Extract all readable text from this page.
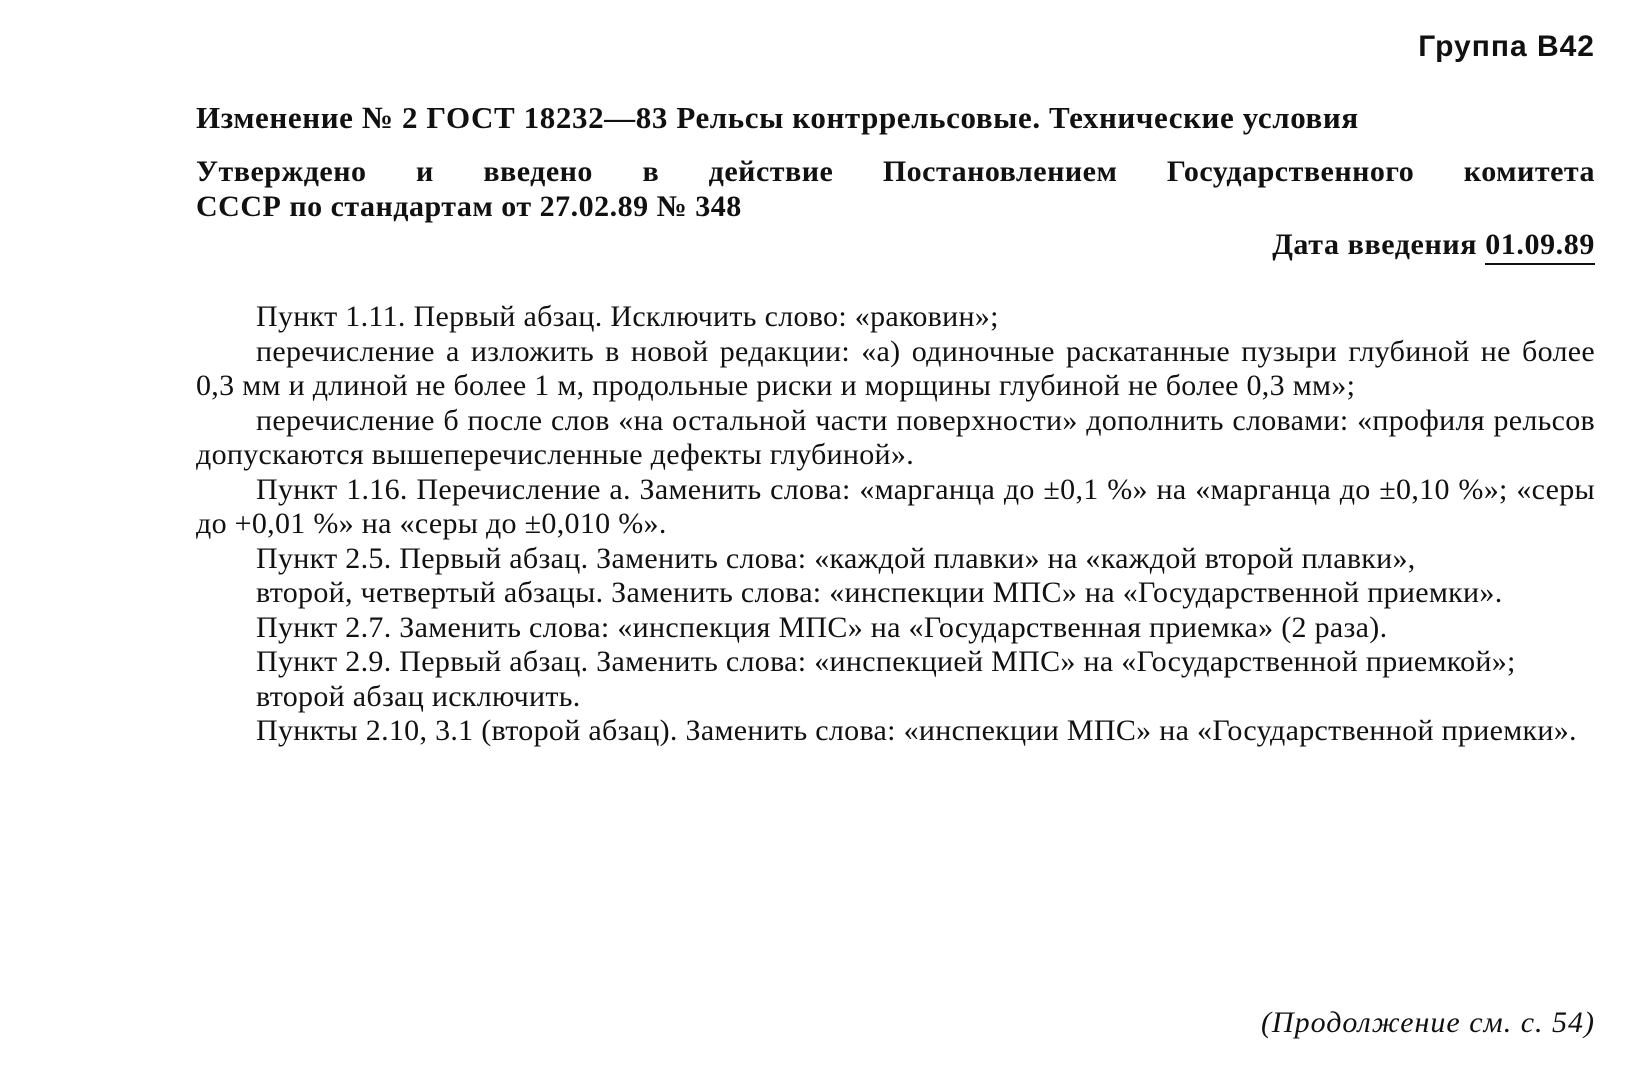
Группа В42
Изменение № 2 ГОСТ 18232—83 Рельсы контррельсовые. Технические условия
Утверждено и введено в действие Постановлением Государственного комитета
СССР по стандартам от 27.02.89 № 348
Дата введения 01.09.89

Пункт 1.11. Первый абзац. Исключить слово: «раковин»;

перечисление а изложить в новой редакции: «а) одиночные раскатанные пузыри глубиной не более 0,3 мм и длиной не более 1 м, продольные риски и морщины глубиной не более 0,3 мм»;

перечисление б после слов «на остальной части поверхности» дополнить словами: «профиля рельсов допускаются вышеперечисленные дефекты глубиной».

Пункт 1.16. Перечисление а. Заменить слова: «марганца до ±0,1 %» на «марганца до ±0,10 %»; «серы до +0,01 %» на «серы до ±0,010 %».

Пункт 2.5. Первый абзац. Заменить слова: «каждой плавки» на «каждой второй плавки»,

второй, четвертый абзацы. Заменить слова: «инспекции МПС» на «Государственной приемки».

Пункт 2.7. Заменить слова: «инспекция МПС» на «Государственная приемка» (2 раза).

Пункт 2.9. Первый абзац. Заменить слова: «инспекцией МПС» на «Государственной приемкой»;

второй абзац исключить.

Пункты 2.10, 3.1 (второй абзац). Заменить слова: «инспекции МПС» на «Государственной приемки».

(Продолжение см. с. 54)
